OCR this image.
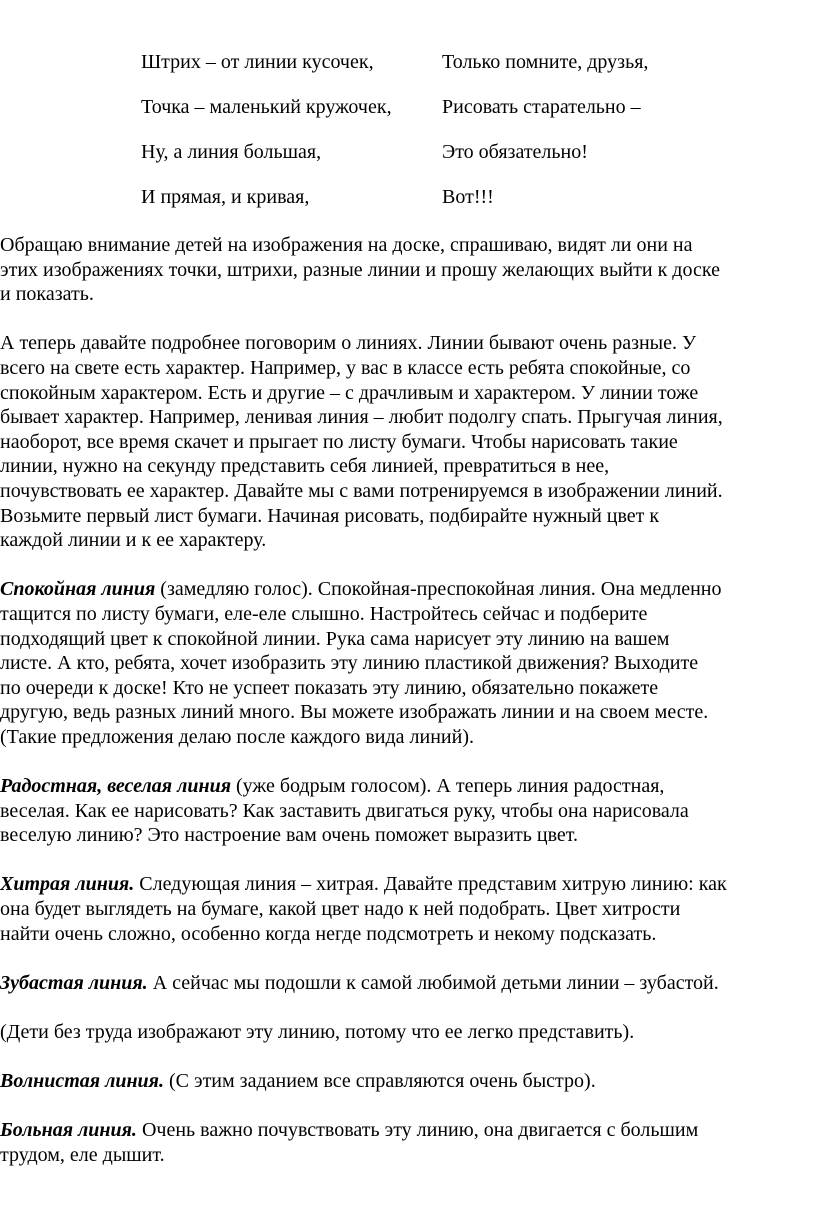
Штрих – от линии кусочек,	Только помните, друзья,
Точка – маленький кружочек,	Рисовать старательно –
Ну, а линия большая,	Это обязательно!
И прямая, и кривая,	Вот!!!

Обращаю внимание детей на изображения на доске, спрашиваю, видят ли они на
этих изображениях точки, штрихи, разные линии и прошу желающих выйти к доске
и показать.

А теперь давайте подробнее поговорим о линиях. Линии бывают очень разные. У
всего на свете есть характер. Например, у вас в классе есть ребята спокойные, со
спокойным характером. Есть и другие – с драчливым и характером. У линии тоже
бывает характер. Например, ленивая линия – любит подолгу спать. Прыгучая линия,
наоборот, все время скачет и прыгает по листу бумаги. Чтобы нарисовать такие
линии, нужно на секунду представить себя линией, превратиться в нее,
почувствовать ее характер. Давайте мы с вами потренируемся в изображении линий.
Возьмите первый лист бумаги. Начиная рисовать, подбирайте нужный цвет к
каждой линии и к ее характеру.

Спокойная линия (замедляю голос). Спокойная-преспокойная линия. Она медленно
тащится по листу бумаги, еле-еле слышно. Настройтесь сейчас и подберите
подходящий цвет к спокойной линии. Рука сама нарисует эту линию на вашем
листе. А кто, ребята, хочет изобразить эту линию пластикой движения? Выходите
по очереди к доске! Кто не успеет показать эту линию, обязательно покажете
другую, ведь разных линий много. Вы можете изображать линии и на своем месте.
(Такие предложения делаю после каждого вида линий).

Радостная, веселая линия (уже бодрым голосом). А теперь линия радостная,
веселая. Как ее нарисовать? Как заставить двигаться руку, чтобы она нарисовала
веселую линию? Это настроение вам очень поможет выразить цвет.

Хитрая линия. Следующая линия – хитрая. Давайте представим хитрую линию: как
она будет выглядеть на бумаге, какой цвет надо к ней подобрать. Цвет хитрости
найти очень сложно, особенно когда негде подсмотреть и некому подсказать.

Зубастая линия. А сейчас мы подошли к самой любимой детьми линии – зубастой.

(Дети без труда изображают эту линию, потому что ее легко представить).

Волнистая линия. (С этим заданием все справляются очень быстро).

Больная линия. Очень важно почувствовать эту линию, она двигается с большим
трудом, еле дышит.
